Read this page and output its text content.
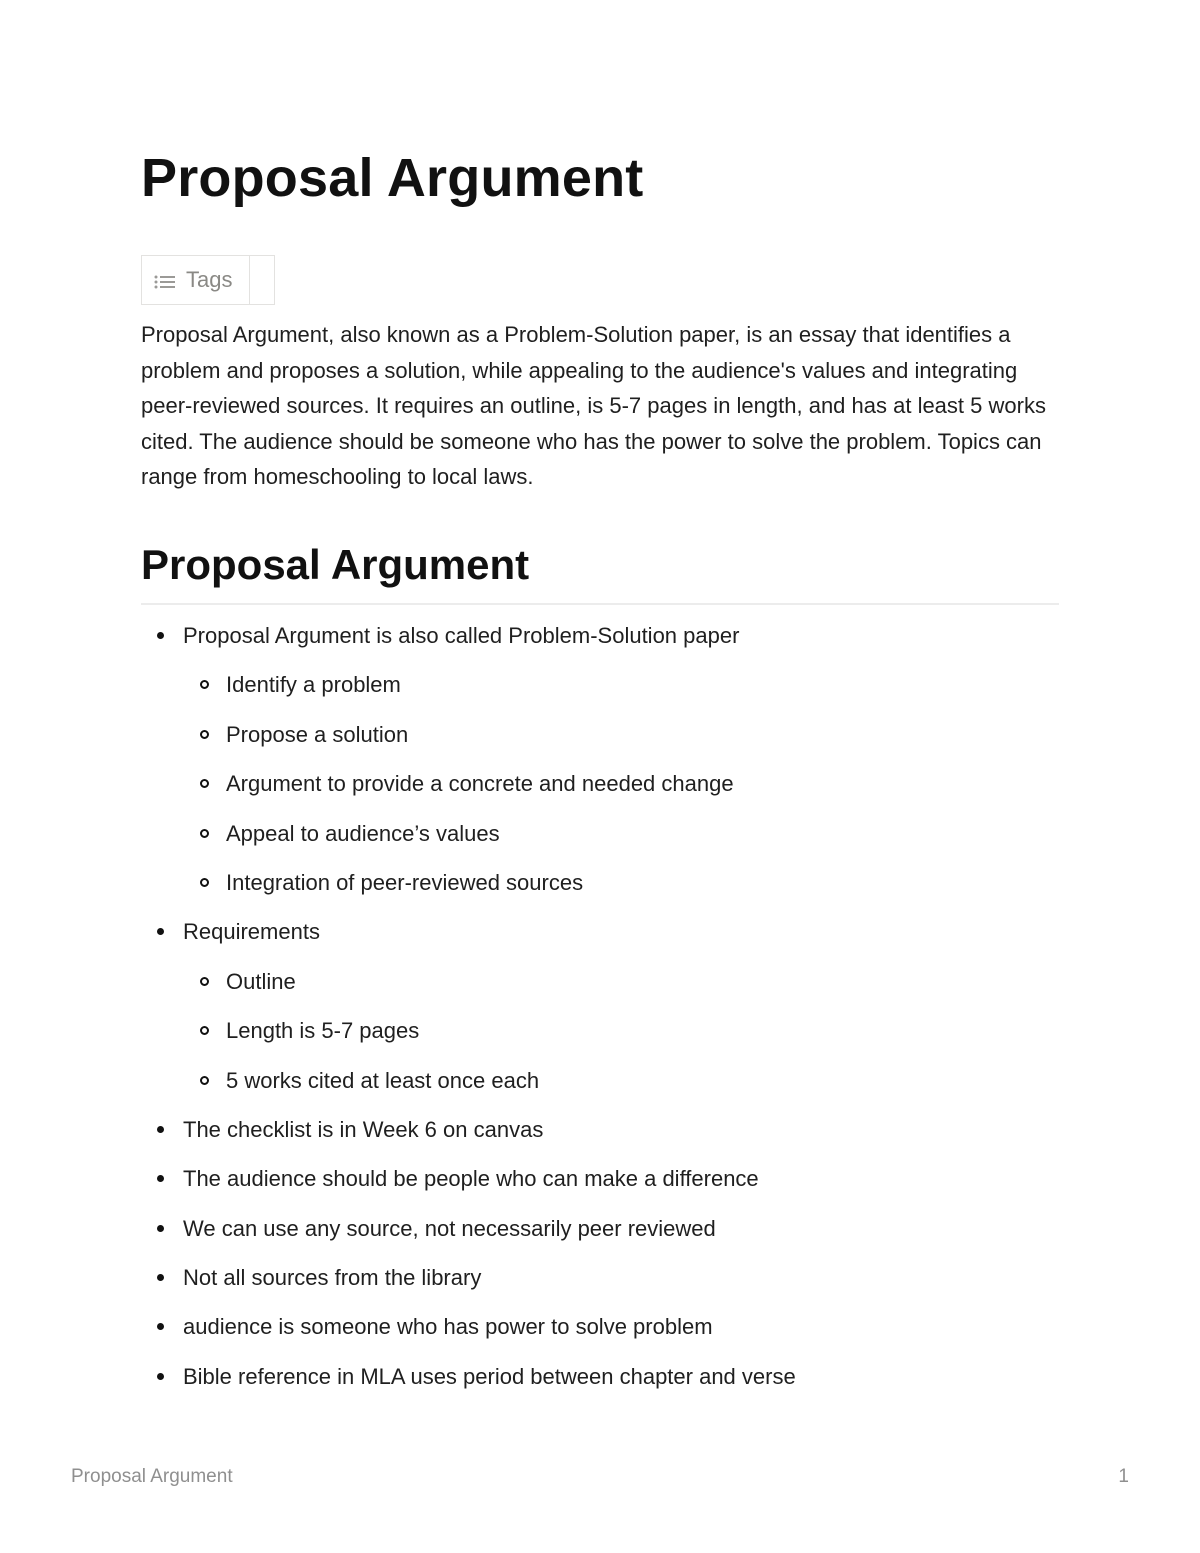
Proposal Argument
Tags

Proposal Argument, also known as a Problem-Solution paper, is an essay that identifies a problem and proposes a solution, while appealing to the audience's values and integrating peer-reviewed sources. It requires an outline, is 5-7 pages in length, and has at least 5 works cited. The audience should be someone who has the power to solve the problem. Topics can range from homeschooling to local laws.

Proposal Argument
Proposal Argument is also called Problem-Solution paper
Identify a problem
Propose a solution
Argument to provide a concrete and needed change
Appeal to audience’s values
Integration of peer-reviewed sources
Requirements
Outline
Length is 5-7 pages
5 works cited at least once each
The checklist is in Week 6 on canvas
The audience should be people who can make a difference
We can use any source, not necessarily peer reviewed
Not all sources from the library
audience is someone who has power to solve problem
Bible reference in MLA uses period between chapter and verse
Proposal Argument	1
